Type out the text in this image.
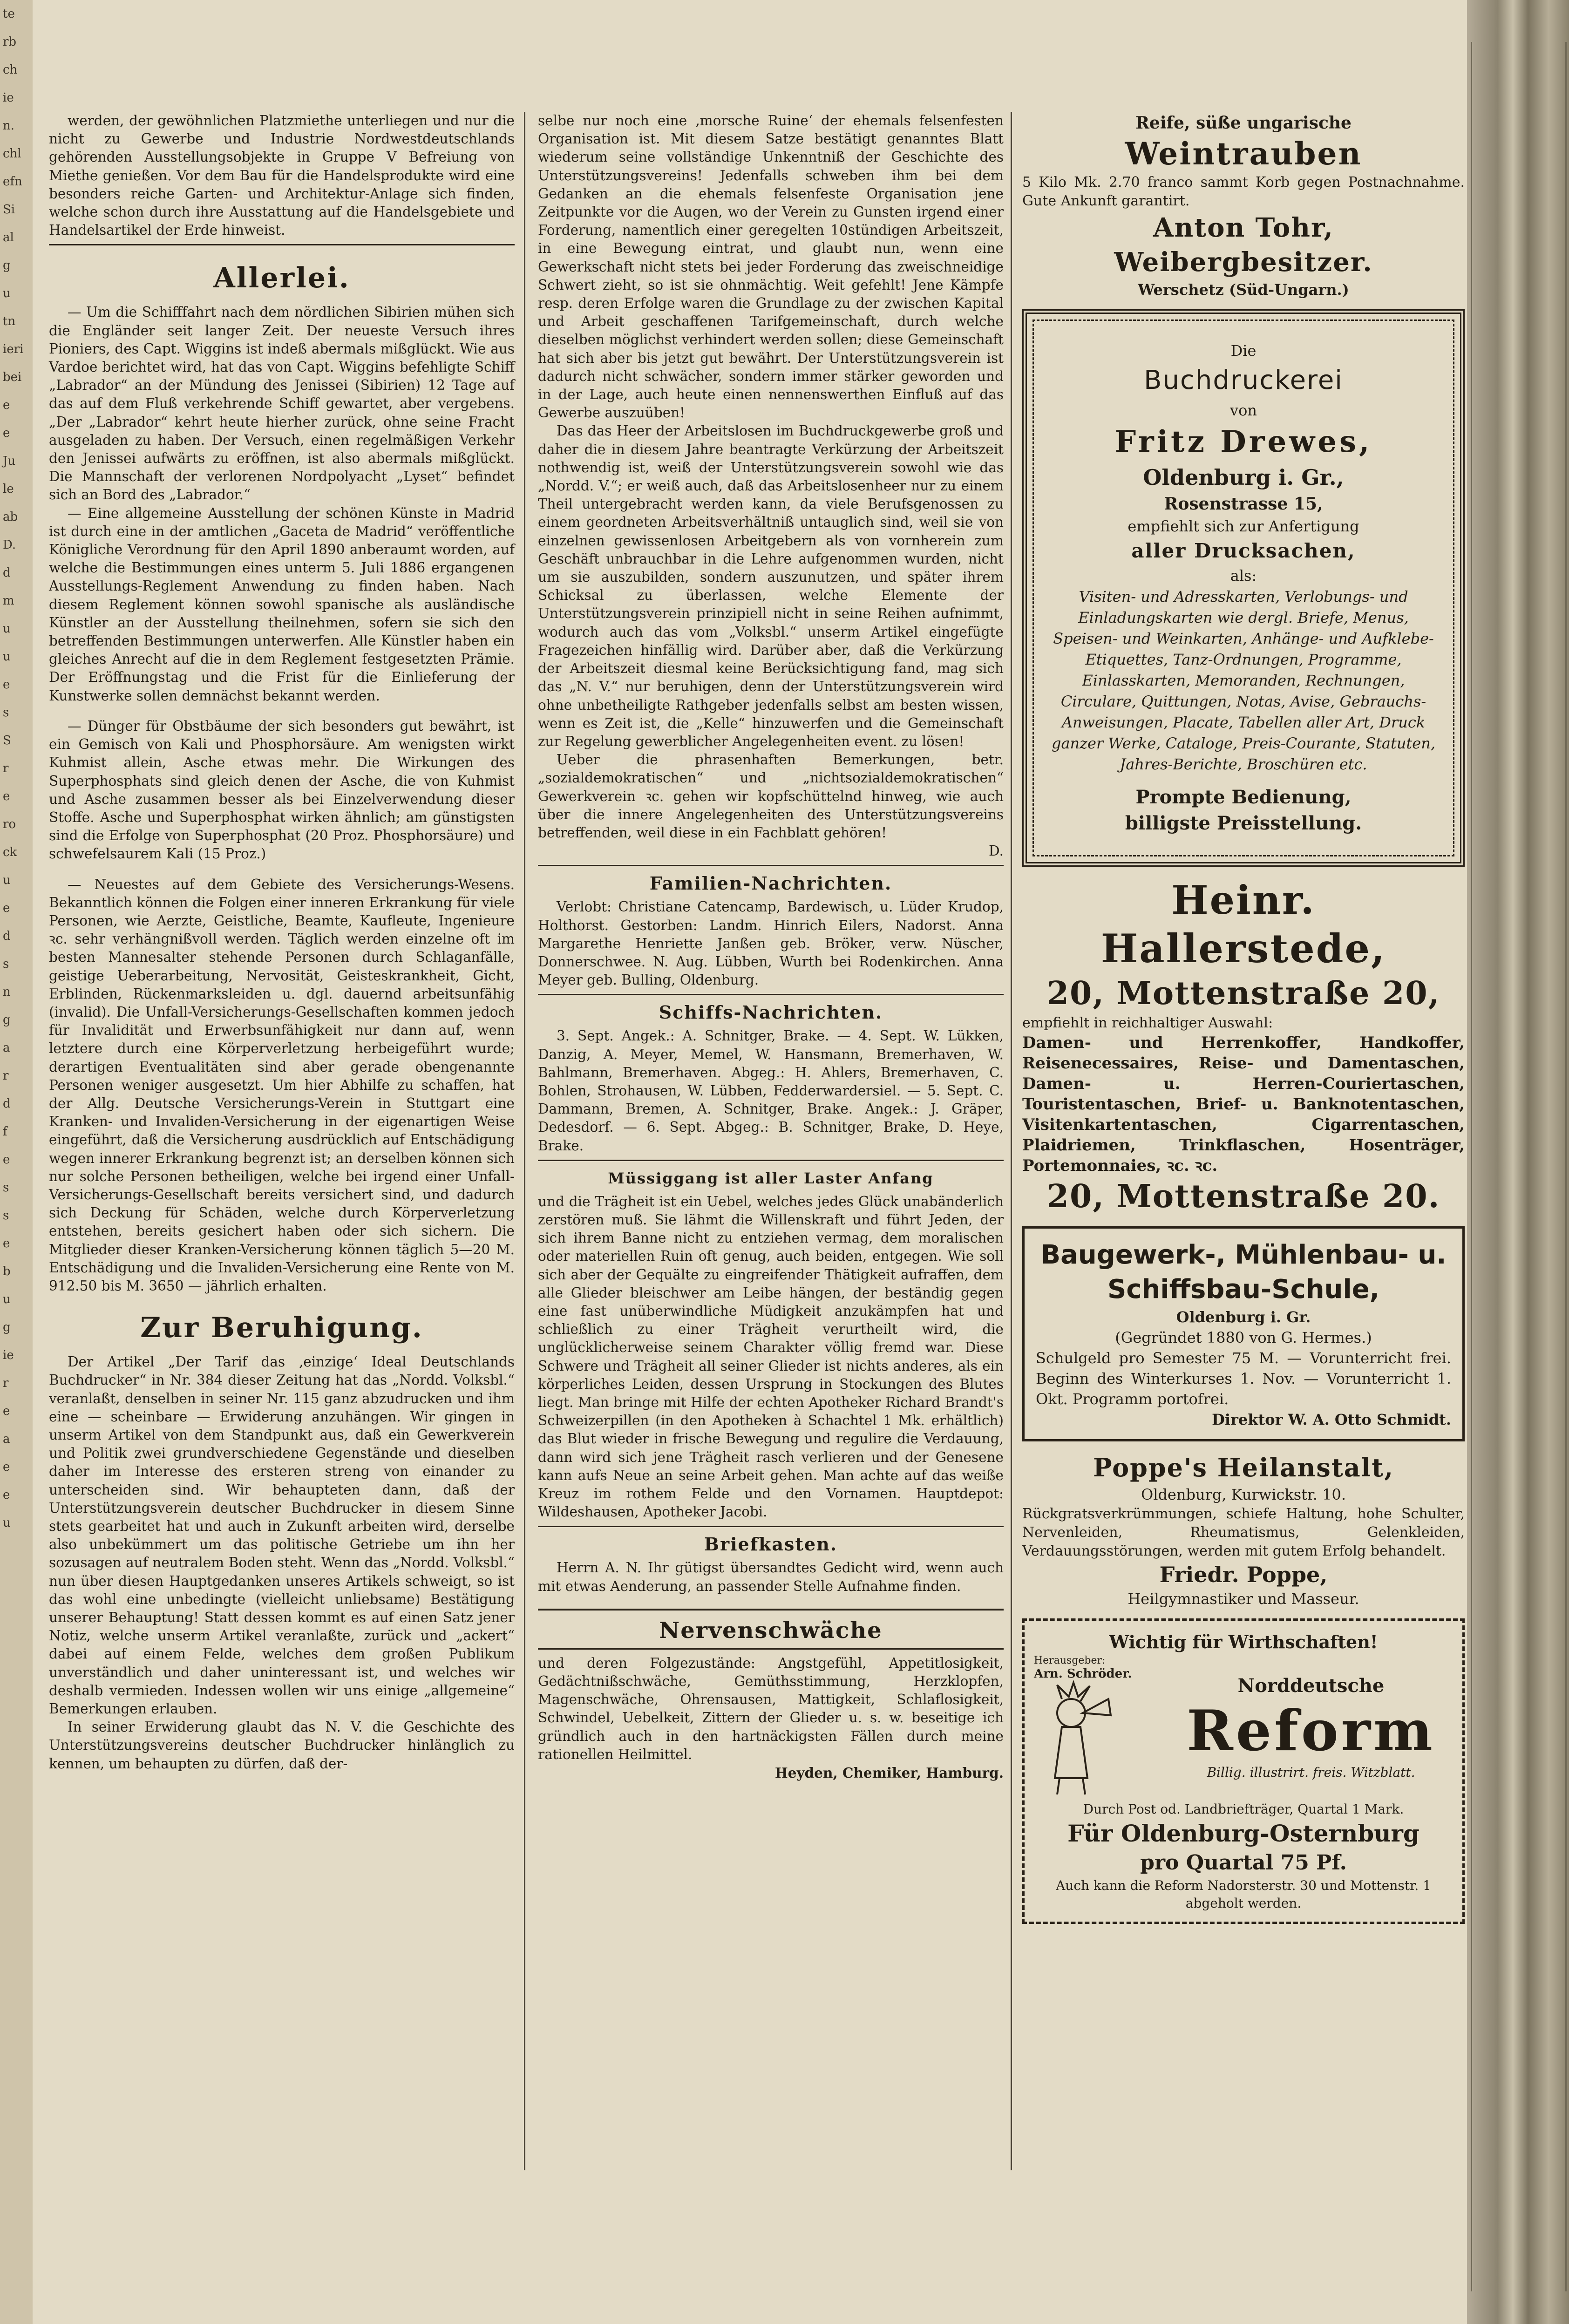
te
rb
ch
ie
n.
chl
efn
Si
al
g
u
tn
ieri
bei
e
e
Ju
le
ab
D.
d
m
u
u
e
s
S
r
e
ro
ck
u
e
d
s
n
g
a
r
d
f
e
s
s
e
b
u
g
ie
r
e
a
e
e
u

werden, der gewöhnlichen Platzmiethe unterliegen und nur die nicht zu Gewerbe und Industrie Nordwestdeutschlands gehörenden Ausstellungsobjekte in Gruppe V Befreiung von Miethe genießen. Vor dem Bau für die Handelsprodukte wird eine besonders reiche Garten- und Architektur-Anlage sich finden, welche schon durch ihre Ausstattung auf die Handelsgebiete und Handelsartikel der Erde hinweist.

Allerlei.

— Um die Schifffahrt nach dem nördlichen Sibirien mühen sich die Engländer seit langer Zeit. Der neueste Versuch ihres Pioniers, des Capt. Wiggins ist indeß abermals mißglückt. Wie aus Vardoe berichtet wird, hat das von Capt. Wiggins befehligte Schiff „Labrador“ an der Mündung des Jenissei (Sibirien) 12 Tage auf das auf dem Fluß verkehrende Schiff gewartet, aber vergebens. „Der „Labrador“ kehrt heute hierher zurück, ohne seine Fracht ausgeladen zu haben. Der Versuch, einen regelmäßigen Verkehr den Jenissei aufwärts zu eröffnen, ist also abermals mißglückt. Die Mannschaft der verlorenen Nordpolyacht „Lyset“ befindet sich an Bord des „Labrador.“

— Eine allgemeine Ausstellung der schönen Künste in Madrid ist durch eine in der amtlichen „Gaceta de Madrid“ veröffentliche Königliche Verordnung für den April 1890 anberaumt worden, auf welche die Bestimmungen eines unterm 5. Juli 1886 ergangenen Ausstellungs-Reglement Anwendung zu finden haben. Nach diesem Reglement können sowohl spanische als ausländische Künstler an der Ausstellung theilnehmen, sofern sie sich den betreffenden Bestimmungen unterwerfen. Alle Künstler haben ein gleiches Anrecht auf die in dem Reglement festgesetzten Prämie. Der Eröffnungstag und die Frist für die Einlieferung der Kunstwerke sollen demnächst bekannt werden.

— Dünger für Obstbäume der sich besonders gut bewährt, ist ein Gemisch von Kali und Phosphorsäure. Am wenigsten wirkt Kuhmist allein, Asche etwas mehr. Die Wirkungen des Superphosphats sind gleich denen der Asche, die von Kuhmist und Asche zusammen besser als bei Einzelverwendung dieser Stoffe. Asche und Superphosphat wirken ähnlich; am günstigsten sind die Erfolge von Superphosphat (20 Proz. Phosphorsäure) und schwefelsaurem Kali (15 Proz.)

— Neuestes auf dem Gebiete des Versicherungs-Wesens. Bekanntlich können die Folgen einer inneren Erkrankung für viele Personen, wie Aerzte, Geistliche, Beamte, Kaufleute, Ingenieure ꝛc. sehr verhängnißvoll werden. Täglich werden einzelne oft im besten Mannesalter stehende Personen durch Schlaganfälle, geistige Ueberarbeitung, Nervosität, Geisteskrankheit, Gicht, Erblinden, Rückenmarksleiden u. dgl. dauernd arbeitsunfähig (invalid). Die Unfall-Versicherungs-Gesellschaften kommen jedoch für Invalidität und Erwerbsunfähigkeit nur dann auf, wenn letztere durch eine Körperverletzung herbeigeführt wurde; derartigen Eventualitäten sind aber gerade obengenannte Personen weniger ausgesetzt. Um hier Abhilfe zu schaffen, hat der Allg. Deutsche Versicherungs-Verein in Stuttgart eine Kranken- und Invaliden-Versicherung in der eigenartigen Weise eingeführt, daß die Versicherung ausdrücklich auf Entschädigung wegen innerer Erkrankung begrenzt ist; an derselben können sich nur solche Personen betheiligen, welche bei irgend einer Unfall-Versicherungs-Gesellschaft bereits versichert sind, und dadurch sich Deckung für Schäden, welche durch Körperverletzung entstehen, bereits gesichert haben oder sich sichern. Die Mitglieder dieser Kranken-Versicherung können täglich 5—20 M. Entschädigung und die Invaliden-Versicherung eine Rente von M. 912.50 bis M. 3650 — jährlich erhalten.

Zur Beruhigung.

Der Artikel „Der Tarif das ‚einzige‘ Ideal Deutschlands Buchdrucker“ in Nr. 384 dieser Zeitung hat das „Nordd. Volksbl.“ veranlaßt, denselben in seiner Nr. 115 ganz abzudrucken und ihm eine — scheinbare — Erwiderung anzuhängen. Wir gingen in unserm Artikel von dem Standpunkt aus, daß ein Gewerkverein und Politik zwei grundverschiedene Gegenstände und dieselben daher im Interesse des ersteren streng von einander zu unterscheiden sind. Wir behaupteten dann, daß der Unterstützungsverein deutscher Buchdrucker in diesem Sinne stets gearbeitet hat und auch in Zukunft arbeiten wird, derselbe also unbekümmert um das politische Getriebe um ihn her sozusagen auf neutralem Boden steht. Wenn das „Nordd. Volksbl.“ nun über diesen Hauptgedanken unseres Artikels schweigt, so ist das wohl eine unbedingte (vielleicht unliebsame) Bestätigung unserer Behauptung! Statt dessen kommt es auf einen Satz jener Notiz, welche unserm Artikel veranlaßte, zurück und „ackert“ dabei auf einem Felde, welches dem großen Publikum unverständlich und daher uninteressant ist, und welches wir deshalb vermieden. Indessen wollen wir uns einige „allgemeine“ Bemerkungen erlauben.

In seiner Erwiderung glaubt das N. V. die Geschichte des Unterstützungsvereins deutscher Buchdrucker hinlänglich zu kennen, um behaupten zu dürfen, daß der-

selbe nur noch eine ‚morsche Ruine‘ der ehemals felsenfesten Organisation ist. Mit diesem Satze bestätigt genanntes Blatt wiederum seine vollständige Unkenntniß der Geschichte des Unterstützungsvereins! Jedenfalls schweben ihm bei dem Gedanken an die ehemals felsenfeste Organisation jene Zeitpunkte vor die Augen, wo der Verein zu Gunsten irgend einer Forderung, namentlich einer geregelten 10stündigen Arbeitszeit, in eine Bewegung eintrat, und glaubt nun, wenn eine Gewerkschaft nicht stets bei jeder Forderung das zweischneidige Schwert zieht, so ist sie ohnmächtig. Weit gefehlt! Jene Kämpfe resp. deren Erfolge waren die Grundlage zu der zwischen Kapital und Arbeit geschaffenen Tarifgemeinschaft, durch welche dieselben möglichst verhindert werden sollen; diese Gemeinschaft hat sich aber bis jetzt gut bewährt. Der Unterstützungsverein ist dadurch nicht schwächer, sondern immer stärker geworden und in der Lage, auch heute einen nennenswerthen Einfluß auf das Gewerbe auszuüben!

Das das Heer der Arbeitslosen im Buchdruckgewerbe groß und daher die in diesem Jahre beantragte Verkürzung der Arbeitszeit nothwendig ist, weiß der Unterstützungsverein sowohl wie das „Nordd. V.“; er weiß auch, daß das Arbeitslosenheer nur zu einem Theil untergebracht werden kann, da viele Berufsgenossen zu einem geordneten Arbeitsverhältniß untauglich sind, weil sie von einzelnen gewissenlosen Arbeitgebern als von vornherein zum Geschäft unbrauchbar in die Lehre aufgenommen wurden, nicht um sie auszubilden, sondern auszunutzen, und später ihrem Schicksal zu überlassen, welche Elemente der Unterstützungsverein prinzipiell nicht in seine Reihen aufnimmt, wodurch auch das vom „Volksbl.“ unserm Artikel eingefügte Fragezeichen hinfällig wird. Darüber aber, daß die Verkürzung der Arbeitszeit diesmal keine Berücksichtigung fand, mag sich das „N. V.“ nur beruhigen, denn der Unterstützungsverein wird ohne unbetheiligte Rathgeber jedenfalls selbst am besten wissen, wenn es Zeit ist, die „Kelle“ hinzuwerfen und die Gemeinschaft zur Regelung gewerblicher Angelegenheiten event. zu lösen!

Ueber die phrasenhaften Bemerkungen, betr. „sozialdemokratischen“ und „nichtsozialdemokratischen“ Gewerkverein ꝛc. gehen wir kopfschüttelnd hinweg, wie auch über die innere Angelegenheiten des Unterstützungsvereins betreffenden, weil diese in ein Fachblatt gehören!

D.

Familien-Nachrichten.

Verlobt: Christiane Catencamp, Bardewisch, u. Lüder Krudop, Holthorst. Gestorben: Landm. Hinrich Eilers, Nadorst. Anna Margarethe Henriette Janßen geb. Bröker, verw. Nüscher, Donnerschwee. N. Aug. Lübben, Wurth bei Rodenkirchen. Anna Meyer geb. Bulling, Oldenburg.

Schiffs-Nachrichten.

3. Sept. Angek.: A. Schnitger, Brake. — 4. Sept. W. Lükken, Danzig, A. Meyer, Memel, W. Hansmann, Bremerhaven, W. Bahlmann, Bremerhaven. Abgeg.: H. Ahlers, Bremerhaven, C. Bohlen, Strohausen, W. Lübben, Fedderwardersiel. — 5. Sept. C. Dammann, Bremen, A. Schnitger, Brake. Angek.: J. Gräper, Dedesdorf. — 6. Sept. Abgeg.: B. Schnitger, Brake, D. Heye, Brake.

Müssiggang ist aller Laster Anfang

und die Trägheit ist ein Uebel, welches jedes Glück unabänderlich zerstören muß. Sie lähmt die Willenskraft und führt Jeden, der sich ihrem Banne nicht zu entziehen vermag, dem moralischen oder materiellen Ruin oft genug, auch beiden, entgegen. Wie soll sich aber der Gequälte zu eingreifender Thätigkeit aufraffen, dem alle Glieder bleischwer am Leibe hängen, der beständig gegen eine fast unüberwindliche Müdigkeit anzukämpfen hat und schließlich zu einer Trägheit verurtheilt wird, die unglücklicherweise seinem Charakter völlig fremd war. Diese Schwere und Trägheit all seiner Glieder ist nichts anderes, als ein körperliches Leiden, dessen Ursprung in Stockungen des Blutes liegt. Man bringe mit Hilfe der echten Apotheker Richard Brandt's Schweizerpillen (in den Apotheken à Schachtel 1 Mk. erhältlich) das Blut wieder in frische Bewegung und regulire die Verdauung, dann wird sich jene Trägheit rasch verlieren und der Genesene kann aufs Neue an seine Arbeit gehen. Man achte auf das weiße Kreuz im rothem Felde und den Vornamen. Hauptdepot: Wildeshausen, Apotheker Jacobi.

Briefkasten.

Herrn A. N. Ihr gütigst übersandtes Gedicht wird, wenn auch mit etwas Aenderung, an passender Stelle Aufnahme finden.

Nervenschwäche

und deren Folgezustände: Angstgefühl, Appetitlosigkeit, Gedächtnißschwäche, Gemüthsstimmung, Herzklopfen, Magenschwäche, Ohrensausen, Mattigkeit, Schlaflosigkeit, Schwindel, Uebelkeit, Zittern der Glieder u. s. w. beseitige ich gründlich auch in den hartnäckigsten Fällen durch meine rationellen Heilmittel.

Heyden, Chemiker, Hamburg.

Reife, süße ungarische
Weintrauben
5 Kilo Mk. 2.70 franco sammt Korb gegen Postnachnahme. Gute Ankunft garantirt.
Anton Tohr, Weibergbesitzer.
Werschetz (Süd-Ungarn.)
Die
Buchdruckerei
von
Fritz Drewes,
Oldenburg i. Gr.,
Rosenstrasse 15,
empfiehlt sich zur Anfertigung
aller Drucksachen,
als:
Visiten- und Adresskarten, Verlobungs- und Einladungskarten wie dergl. Briefe, Menus, Speisen- und Weinkarten, Anhänge- und Aufklebe-Etiquettes, Tanz-Ordnungen, Programme, Einlasskarten, Memoranden, Rechnungen, Circulare, Quittungen, Notas, Avise, Gebrauchs-Anweisungen, Placate, Tabellen aller Art, Druck ganzer Werke, Cataloge, Preis-Courante, Statuten, Jahres-Berichte, Broschüren etc.
Prompte Bedienung,
billigste Preisstellung.
Heinr. Hallerstede,
20, Mottenstraße 20,
empfiehlt in reichhaltiger Auswahl:
Damen- und Herrenkoffer, Handkoffer, Reisenecessaires, Reise- und Damentaschen, Damen- u. Herren-Couriertaschen, Touristentaschen, Brief- u. Banknotentaschen, Visitenkartentaschen, Cigarrentaschen, Plaidriemen, Trinkflaschen, Hosenträger, Portemonnaies, ꝛc. ꝛc.
20, Mottenstraße 20.
Baugewerk-, Mühlenbau- u.
Schiffsbau-Schule,
Oldenburg i. Gr.
(Gegründet 1880 von G. Hermes.)
Schulgeld pro Semester 75 M. — Vorunterricht frei. Beginn des Winterkurses 1. Nov. — Vorunterricht 1. Okt. Programm portofrei.
Direktor W. A. Otto Schmidt.
Poppe's Heilanstalt,
Oldenburg, Kurwickstr. 10.
Rückgratsverkrümmungen, schiefe Haltung, hohe Schulter, Nervenleiden, Rheumatismus, Gelenkleiden, Verdauungsstörungen, werden mit gutem Erfolg behandelt.
Friedr. Poppe,
Heilgymnastiker und Masseur.
Wichtig für Wirthschaften!
Herausgeber:
Arn. Schröder.
Norddeutsche
Reform
Billig. illustrirt. freis. Witzblatt.
Durch Post od. Landbriefträger, Quartal 1 Mark.
Für Oldenburg-Osternburg
pro Quartal 75 Pf.
Auch kann die Reform Nadorsterstr. 30 und Mottenstr. 1 abgeholt werden.
